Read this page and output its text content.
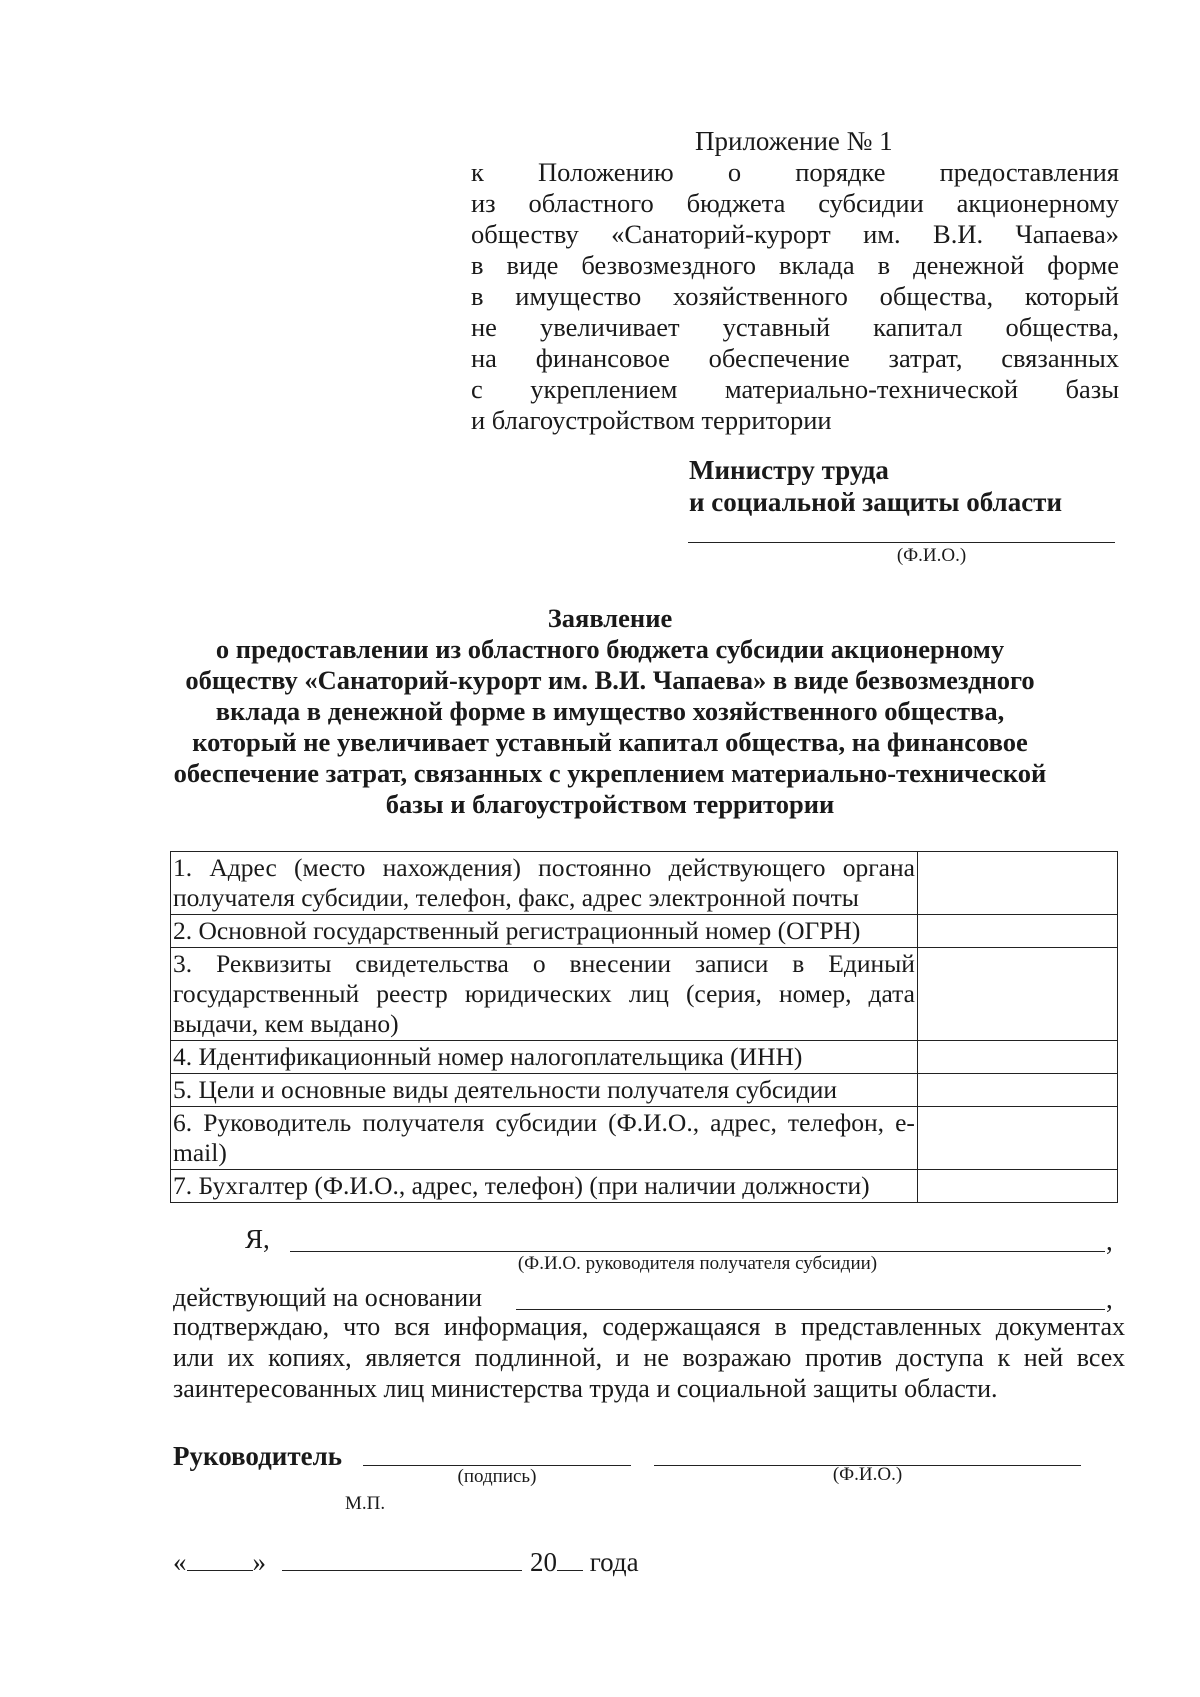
Приложение № 1
к Положению о порядке предоставления
из областного бюджета субсидии акционерному
обществу «Санаторий-курорт им. В.И. Чапаева»
в виде безвозмездного вклада в денежной форме
в имущество хозяйственного общества, который
не увеличивает уставный капитал общества,
на финансовое обеспечение затрат, связанных
с укреплением материально-технической базы
и благоустройством территории
Министру труда
и социальной защиты области
(Ф.И.О.)
Заявление
о предоставлении из областного бюджета субсидии акционерному
обществу «Санаторий-курорт им. В.И. Чапаева» в виде безвозмездного
вклада в денежной форме в имущество хозяйственного общества,
который не увеличивает уставный капитал общества, на финансовое
обеспечение затрат, связанных с укреплением материально-технической
базы и благоустройством территории
1. Адрес (место нахождения) постоянно действующего органа получателя субсидии, телефон, факс, адрес электронной почты	
2. Основной государственный регистрационный номер (ОГРН)	
3. Реквизиты свидетельства о внесении записи в Единый государственный реестр юридических лиц (серия, номер, дата выдачи, кем выдано)	
4. Идентификационный номер налогоплательщика (ИНН)	
5. Цели и основные виды деятельности получателя субсидии	
6. Руководитель получателя субсидии (Ф.И.О., адрес, телефон, e-mail)	
7. Бухгалтер (Ф.И.О., адрес, телефон) (при наличии должности)	
Я,	,
(Ф.И.О. руководителя получателя субсидии)
действующий на основании	,
подтверждаю, что вся информация, содержащаяся в представленных документах
или их копиях, является подлинной, и не возражаю против доступа к ней всех
заинтересованных лиц министерства труда и социальной защиты области.
Руководитель
(подпись)	(Ф.И.О.)
М.П.
« »	20 года
